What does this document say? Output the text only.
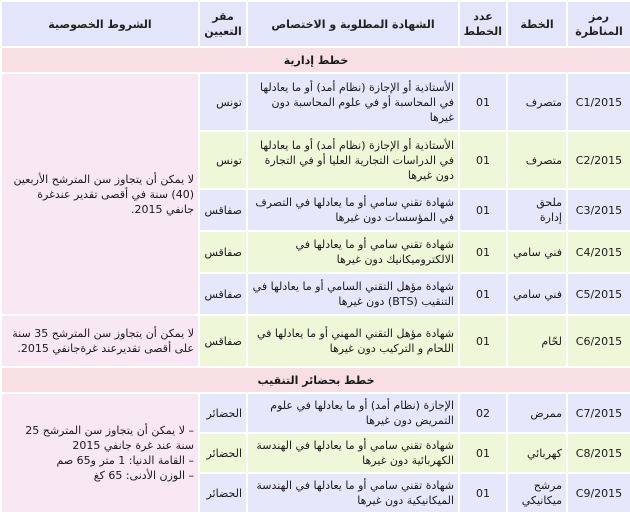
رمز المناظرة	الخطة	عدد الخطط	الشهادة المطلوبة و الاختصاص	مقر التعيين	الشروط الخصوصية
خطط إدارية					
C1/2015	متصرف	01	الأستاذية أو الإجازة (نظام أمد) أو ما يعادلها في المحاسبة أو في علوم المحاسبة دون غيرها	تونس	لا يمكن أن يتجاوز سن المترشح الأربعين (40) سنة في أقصى تقدير عندغرة جانفي 2015.
C2/2015	متصرف	01	الأستاذية أو الإجازة (نظام أمد) أو ما يعادلها في الدراسات التجارية العليا أو في التجارة دون غيرها	تونس	
C3/2015	ملحق إدارة	01	شهادة تقني سامي أو ما يعادلها في التصرف في المؤسسات دون غيرها	صفاقس	
C4/2015	فني سامي	01	شهادة تقني سامي أو ما يعادلها في الالكتروميكانيك دون غيرها	صفاقس	
C5/2015	فني سامي	01	شهادة مؤهل التقني السامي أو ما يعادلها في التنقيب (BTS) دون غيرها	صفاقس	
C6/2015	لحّام	01	شهادة مؤهل التقني المهني أو ما يعادلها في اللحام و التركيب دون غيرها	صفاقس	لا يمكن أن يتجاوز سن المترشح 35 سنة على أقصى تقديرعند غرةجانفي 2015.
خطط بحضائر التنقيب					
C7/2015	ممرض	02	الإجازة (نظام أمد) أو ما يعادلها في علوم التمريض دون غيرها	الحضائر	– لا يمكن أن يتجاوز سن المترشح 25 سنة عند غرة جانفي 2015

– القامة الدنيا: 1 متر و65 صم

– الوزن الأدنى: 65 كغ

C8/2015	كهربائي	01	شهادة تقني سامي أو ما يعادلها في الهندسة الكهربائية دون غيرها	الحضائر	
C9/2015	مرشح ميكانيكي	01	شهادة تقني سامي أو ما يعادلها في الهندسة الميكانيكية دون غيرها	الحضائر	
